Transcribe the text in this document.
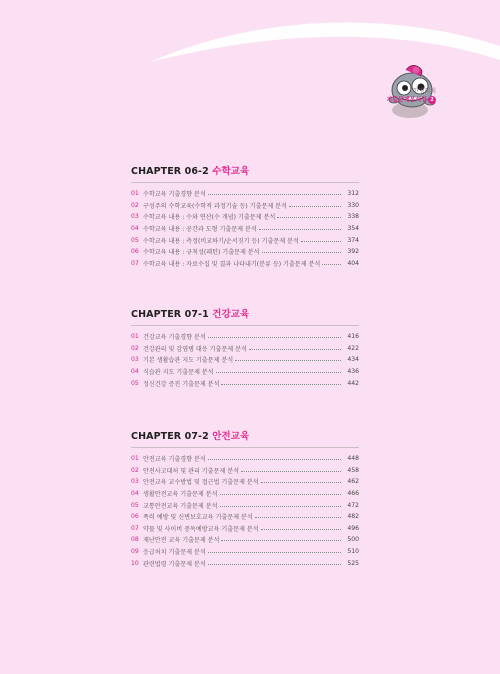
한영희의
기출문제분석집 2
CHAPTER 06-2 수학교육
01 수학교육 기출경향 분석	312
02 구성주의 수학교육(수학적 과정기술 등) 기출문제 분석	330
03 수학교육 내용 : 수와 연산(수 개념) 기출문제 분석	338
04 수학교육 내용 : 공간과 도형 기출문제 분석	354
05 수학교육 내용 : 측정(비교하기/순서짓기 등) 기출문제 분석	374
06 수학교육 내용 : 규칙성(패턴) 기출문제 분석	392
07 수학교육 내용 : 자료수집 및 결과 나타내기(분류 등) 기출문제 분석	404
CHAPTER 07-1 건강교육
01 건강교육 기출경향 분석	416
02 건강관리 및 감염병 대응 기출문제 분석	422
03 기본 생활습관 지도 기출문제 분석	434
04 식습관 지도 기출문제 분석	436
05 정신건강 증진 기출문제 분석	442
CHAPTER 07-2 안전교육
01 안전교육 기출경향 분석	448
02 안전사고대처 및 관리 기출문제 분석	458
03 안전교육 교수방법 및 접근법 기출문제 분석	462
04 생활안전교육 기출문제 분석	466
05 교통안전교육 기출문제 분석	472
06 폭력 예방 및 신변보호교육 기출문제 분석	482
07 약물 및 사이버 중독예방교육 기출문제 분석	496
08 재난안전 교육 기출문제 분석	500
09 응급처치 기출문제 분석	510
10 관련법령 기출문제 분석	525
